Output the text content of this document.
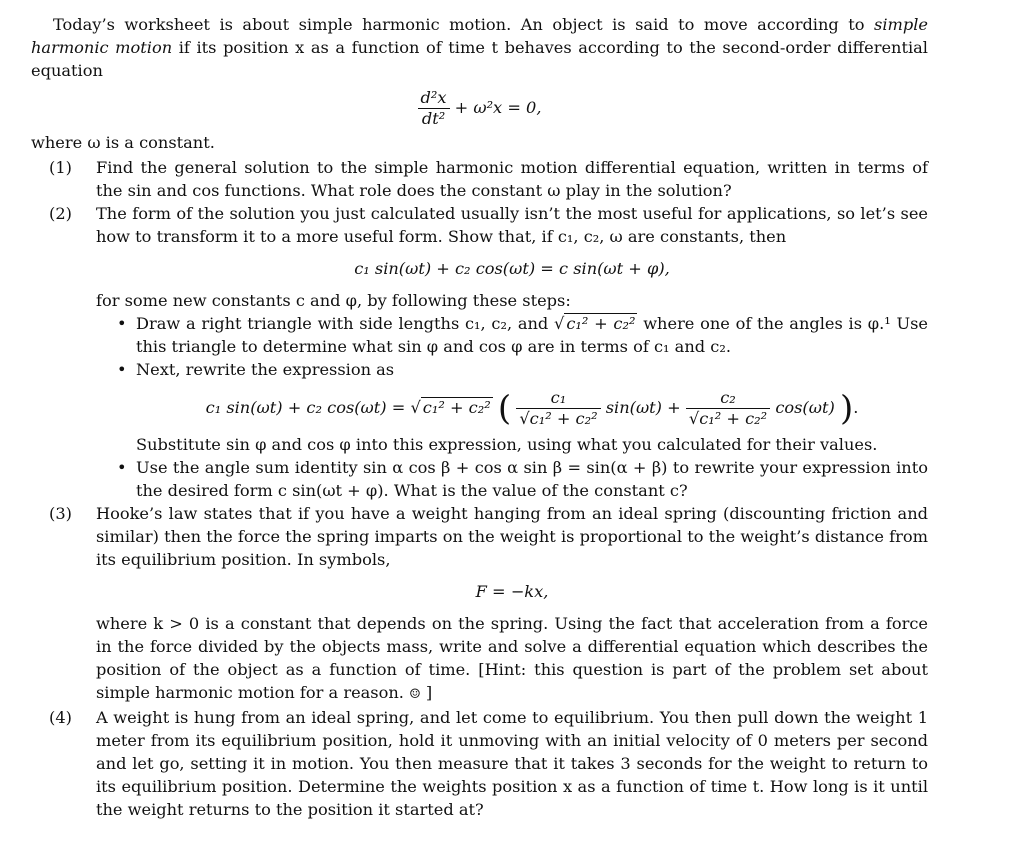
Today’s worksheet is about simple harmonic motion. An object is said to move according to simple harmonic motion if its position x as a function of time t behaves according to the second-order differential equation

$\frac{\text{d²x}}{\text{dt²}} + \omega^2x = 0$,

where ω is a constant.

(1) Find the general solution to the simple harmonic motion differential equation, written in terms of the sin and cos functions. What role does the constant ω play in the solution?

(2) The form of the solution you just calculated usually isn’t the most useful for applications, so let’s see how to transform it to a more useful form. Show that, if c₁, c₂, ω are constants, then

c₁ sin(ωt) + c₂ cos(ωt) = c sin(ωt + φ),

for some new constants c and φ, by following these steps:

• Draw a right triangle with side lengths c₁, c₂, and √ c₁² + c₂² where one of the angles is φ.¹ Use this triangle to determine what sin φ and cos φ are in terms of c₁ and c₂.

• Next, rewrite the expression as

c₁ sin(ωt) + c₂ cos(ωt) = √ c₁² + c₂² ( $\frac{\text{c₁}}{\text{√c₁² + c₂²}} \sin(\omega t) + \frac{\text{c₂}}{\text{√c₁² + c₂²}} \cos(\omega t)$ ).

Substitute sin φ and cos φ into this expression, using what you calculated for their values.

• Use the angle sum identity sin α cos β + cos α sin β = sin(α + β) to rewrite your expression into the desired form c sin(ωt + φ). What is the value of the constant c?

(3) Hooke’s law states that if you have a weight hanging from an ideal spring (discounting friction and similar) then the force the spring imparts on the weight is proportional to the weight’s distance from its equilibrium position. In symbols,

F = −kx,

where k > 0 is a constant that depends on the spring. Using the fact that acceleration from a force in the force divided by the objects mass, write and solve a differential equation which describes the position of the object as a function of time. [Hint: this question is part of the problem set about simple harmonic motion for a reason. ☺ ]

(4) A weight is hung from an ideal spring, and let come to equilibrium. You then pull down the weight 1 meter from its equilibrium position, hold it unmoving with an initial velocity of 0 meters per second and let go, setting it in motion. You then measure that it takes 3 seconds for the weight to return to its equilibrium position. Determine the weights position x as a function of time t. How long is it until the weight returns to the position it started at?
